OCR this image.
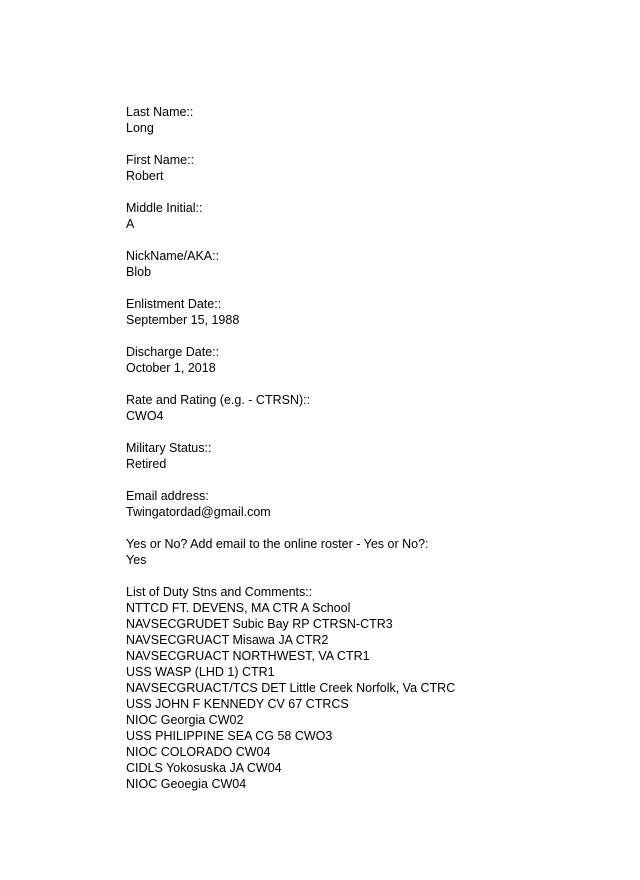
Last Name::
Long
First Name::
Robert
Middle Initial::
A
NickName/AKA::
Blob
Enlistment Date::
September 15, 1988
Discharge Date::
October 1, 2018
Rate and Rating (e.g. - CTRSN)::
CWO4
Military Status::
Retired
Email address:
Twingatordad@gmail.com
Yes or No? Add email to the online roster - Yes or No?:
Yes
List of Duty Stns and Comments::
NTTCD FT. DEVENS, MA CTR A School
NAVSECGRUDET Subic Bay RP CTRSN-CTR3
NAVSECGRUACT Misawa JA CTR2
NAVSECGRUACT NORTHWEST, VA CTR1
USS WASP (LHD 1) CTR1
NAVSECGRUACT/TCS DET Little Creek Norfolk, Va CTRC
USS JOHN F KENNEDY CV 67 CTRCS
NIOC Georgia CW02
USS PHILIPPINE SEA CG 58 CWO3
NIOC COLORADO CW04
CIDLS Yokosuska JA CW04
NIOC Geoegia CW04
